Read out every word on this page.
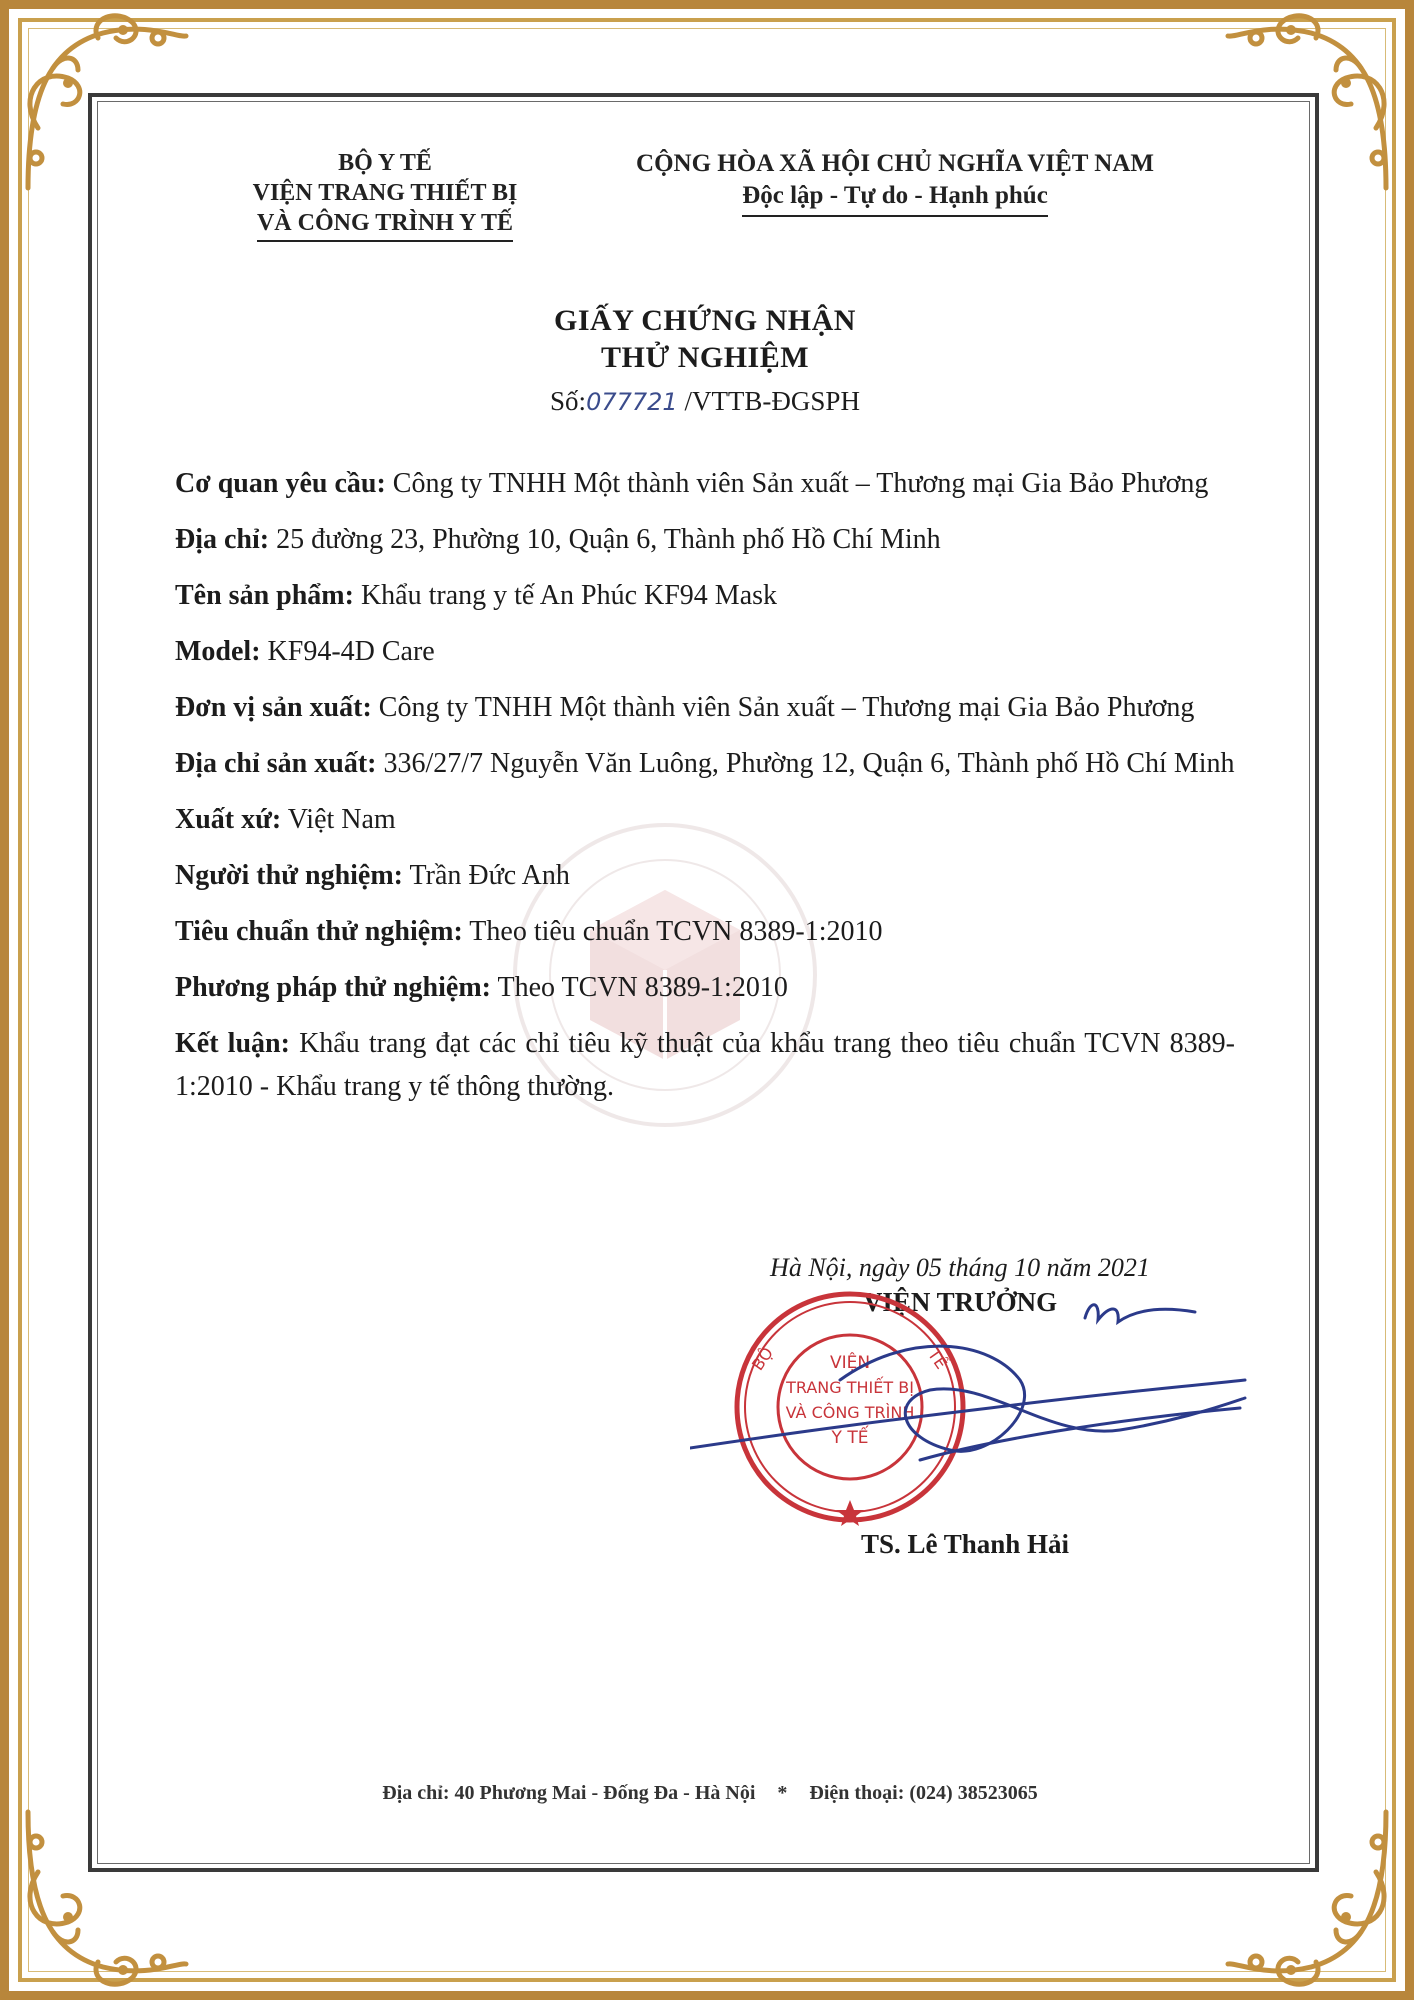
BỘ Y TẾ
VIỆN TRANG THIẾT BỊ
VÀ CÔNG TRÌNH Y TẾ
CỘNG HÒA XÃ HỘI CHỦ NGHĨA VIỆT NAM
Độc lập - Tự do - Hạnh phúc
GIẤY CHỨNG NHẬN
THỬ NGHIỆM
Số:077721 /VTTB-ĐGSPH

Cơ quan yêu cầu: Công ty TNHH Một thành viên Sản xuất – Thương mại Gia Bảo Phương

Địa chỉ: 25 đường 23, Phường 10, Quận 6, Thành phố Hồ Chí Minh

Tên sản phẩm: Khẩu trang y tế An Phúc KF94 Mask

Model: KF94-4D Care

Đơn vị sản xuất: Công ty TNHH Một thành viên Sản xuất – Thương mại Gia Bảo Phương

Địa chỉ sản xuất: 336/27/7 Nguyễn Văn Luông, Phường 12, Quận 6, Thành phố Hồ Chí Minh

Xuất xứ: Việt Nam

Người thử nghiệm: Trần Đức Anh

Tiêu chuẩn thử nghiệm: Theo tiêu chuẩn TCVN 8389-1:2010

Phương pháp thử nghiệm: Theo TCVN 8389-1:2010

Kết luận: Khẩu trang đạt các chỉ tiêu kỹ thuật của khẩu trang theo tiêu chuẩn TCVN 8389-1:2010 - Khẩu trang y tế thông thường.

Hà Nội, ngày 05 tháng 10 năm 2021
VIỆN TRƯỞNG
VIỆN
TRANG THIẾT BỊ
VÀ CÔNG TRÌNH
Y TẾ
BỘ	TẾ
TS. Lê Thanh Hải
Địa chỉ: 40 Phương Mai - Đống Đa - Hà Nội * Điện thoại: (024) 38523065
